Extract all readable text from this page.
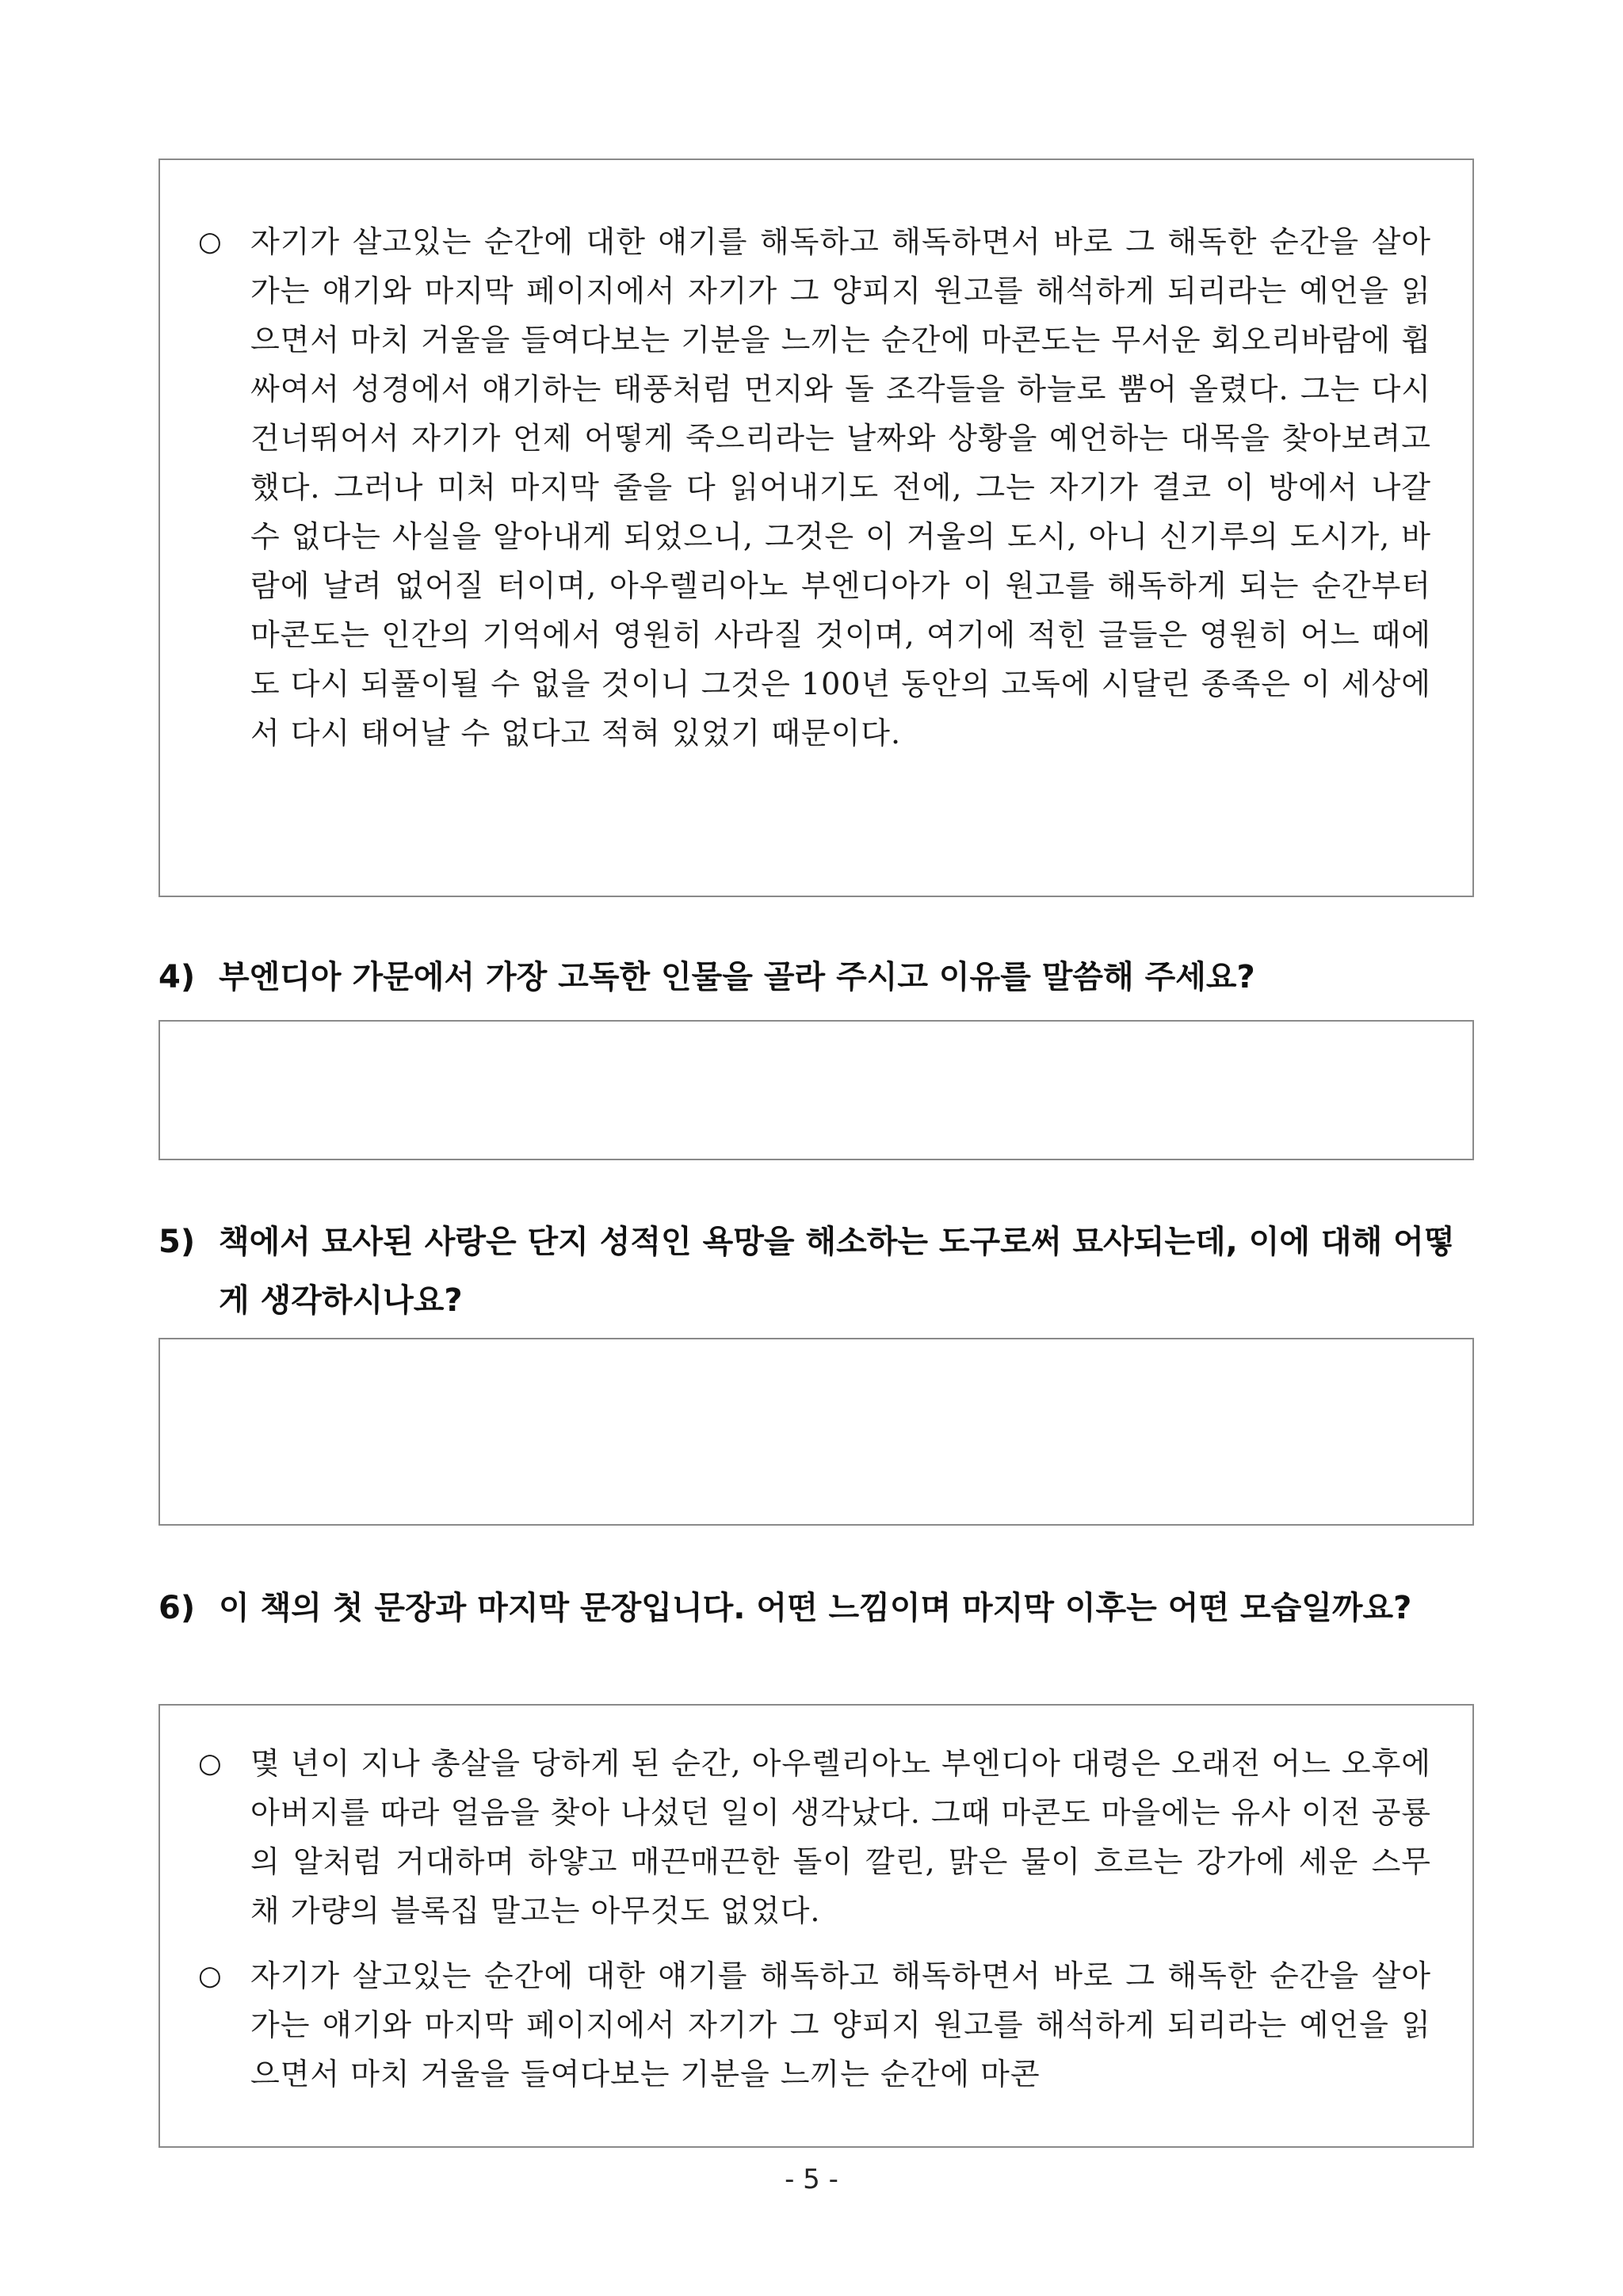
○ 자기가 살고있는 순간에 대한 얘기를 해독하고 해독하면서 바로 그 해독한 순간을 살아가는 얘기와 마지막 페이지에서 자기가 그 양피지 원고를 해석하게 되리라는 예언을 읽으면서 마치 거울을 들여다보는 기분을 느끼는 순간에 마콘도는 무서운 회오리바람에 휩싸여서 성경에서 얘기하는 태풍처럼 먼지와 돌 조각들을 하늘로 뿜어 올렸다. 그는 다시 건너뛰어서 자기가 언제 어떻게 죽으리라는 날짜와 상황을 예언하는 대목을 찾아보려고 했다. 그러나 미처 마지막 줄을 다 읽어내기도 전에, 그는 자기가 결코 이 방에서 나갈 수 없다는 사실을 알아내게 되었으니, 그것은 이 거울의 도시, 아니 신기루의 도시가, 바람에 날려 없어질 터이며, 아우렐리아노 부엔디아가 이 원고를 해독하게 되는 순간부터 마콘도는 인간의 기억에서 영원히 사라질 것이며, 여기에 적힌 글들은 영원히 어느 때에도 다시 되풀이될 수 없을 것이니 그것은 100년 동안의 고독에 시달린 종족은 이 세상에서 다시 태어날 수 없다고 적혀 있었기 때문이다.
4) 부엔디아 가문에서 가장 고독한 인물을 골라 주시고 이유를 말씀해 주세요?
5) 책에서 묘사된 사랑은 단지 성적인 욕망을 해소하는 도구로써 묘사되는데, 이에 대해 어떻게 생각하시나요?
6) 이 책의 첫 문장과 마지막 문장입니다. 어떤 느낌이며 마지막 이후는 어떤 모습일까요?
○ 몇 년이 지나 총살을 당하게 된 순간, 아우렐리아노 부엔디아 대령은 오래전 어느 오후에 아버지를 따라 얼음을 찾아 나섰던 일이 생각났다. 그때 마콘도 마을에는 유사 이전 공룡의 알처럼 거대하며 하얗고 매끈매끈한 돌이 깔린, 맑은 물이 흐르는 강가에 세운 스무 채 가량의 블록집 말고는 아무것도 없었다.
○ 자기가 살고있는 순간에 대한 얘기를 해독하고 해독하면서 바로 그 해독한 순간을 살아가는 얘기와 마지막 페이지에서 자기가 그 양피지 원고를 해석하게 되리라는 예언을 읽으면서 마치 거울을 들여다보는 기분을 느끼는 순간에 마콘
- 5 -
